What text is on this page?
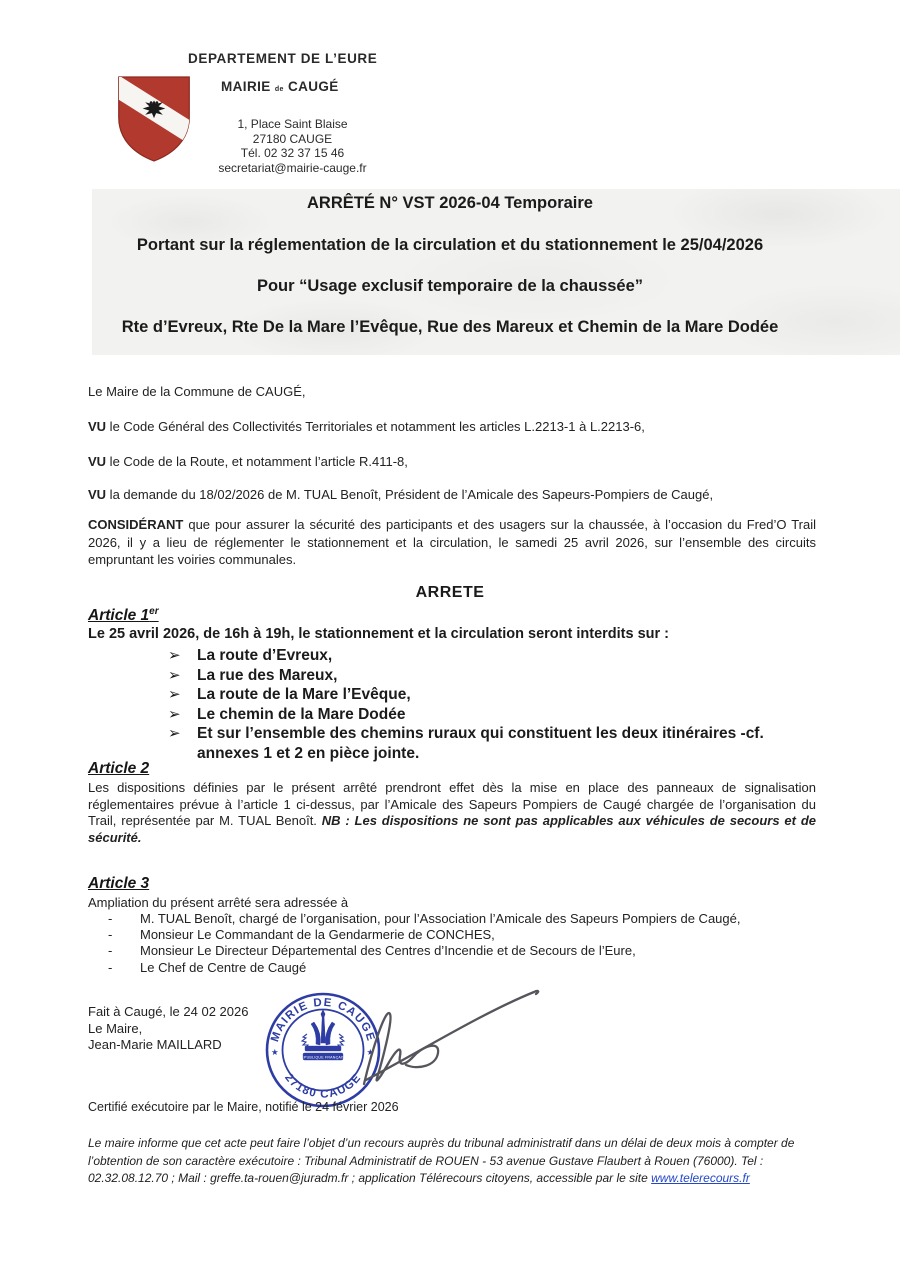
DEPARTEMENT DE L’EURE
MAIRIE de CAUGÉ
1, Place Saint Blaise
27180 CAUGE
Tél. 02 32 37 15 46
secretariat@mairie-cauge.fr
ARRÊTÉ N° VST 2026-04 Temporaire
Portant sur la réglementation de la circulation et du stationnement le 25/04/2026
Pour “Usage exclusif temporaire de la chaussée”
Rte d’Evreux, Rte De la Mare l’Evêque, Rue des Mareux et Chemin de la Mare Dodée
Le Maire de la Commune de CAUGÉ,
VU le Code Général des Collectivités Territoriales et notamment les articles L.2213-1 à L.2213-6,
VU le Code de la Route, et notamment l’article R.411-8,
VU la demande du 18/02/2026 de M. TUAL Benoît, Président de l’Amicale des Sapeurs-Pompiers de Caugé,
CONSIDÉRANT que pour assurer la sécurité des participants et des usagers sur la chaussée, à l’occasion du Fred’O Trail 2026, il y a lieu de réglementer le stationnement et la circulation, le samedi 25 avril 2026, sur l’ensemble des circuits empruntant les voiries communales.
ARRETE
Article 1er
Le 25 avril 2026, de 16h à 19h, le stationnement et la circulation seront interdits sur :
➢ La route d’Evreux,
➢ La rue des Mareux,
➢ La route de la Mare l’Evêque,
➢ Le chemin de la Mare Dodée
➢ Et sur l’ensemble des chemins ruraux qui constituent les deux itinéraires -cf. annexes 1 et 2 en pièce jointe.
Article 2
Les dispositions définies par le présent arrêté prendront effet dès la mise en place des panneaux de signalisation réglementaires prévue à l’article 1 ci-dessus, par l’Amicale des Sapeurs Pompiers de Caugé chargée de l’organisation du Trail, représentée par M. TUAL Benoît. NB : Les dispositions ne sont pas applicables aux véhicules de secours et de sécurité.
Article 3
Ampliation du présent arrêté sera adressée à
- M. TUAL Benoît, chargé de l’organisation, pour l’Association l’Amicale des Sapeurs Pompiers de Caugé,
- Monsieur Le Commandant de la Gendarmerie de CONCHES,
- Monsieur Le Directeur Départemental des Centres d’Incendie et de Secours de l’Eure,
- Le Chef de Centre de Caugé
Fait à Caugé, le 24 02 2026
Le Maire,
Jean-Marie MAILLARD
MAIRIE DE CAUGE
27180 CAUGE
★	★
RÉPUBLIQUE FRANÇAISE
Certifié exécutoire par le Maire, notifié le 24 février 2026
Le maire informe que cet acte peut faire l’objet d’un recours auprès du tribunal administratif dans un délai de deux mois à compter de
l’obtention de son caractère exécutoire : Tribunal Administratif de ROUEN - 53 avenue Gustave Flaubert à Rouen (76000). Tel :
02.32.08.12.70 ; Mail : greffe.ta-rouen@juradm.fr ; application Télérecours citoyens, accessible par le site www.telerecours.fr
